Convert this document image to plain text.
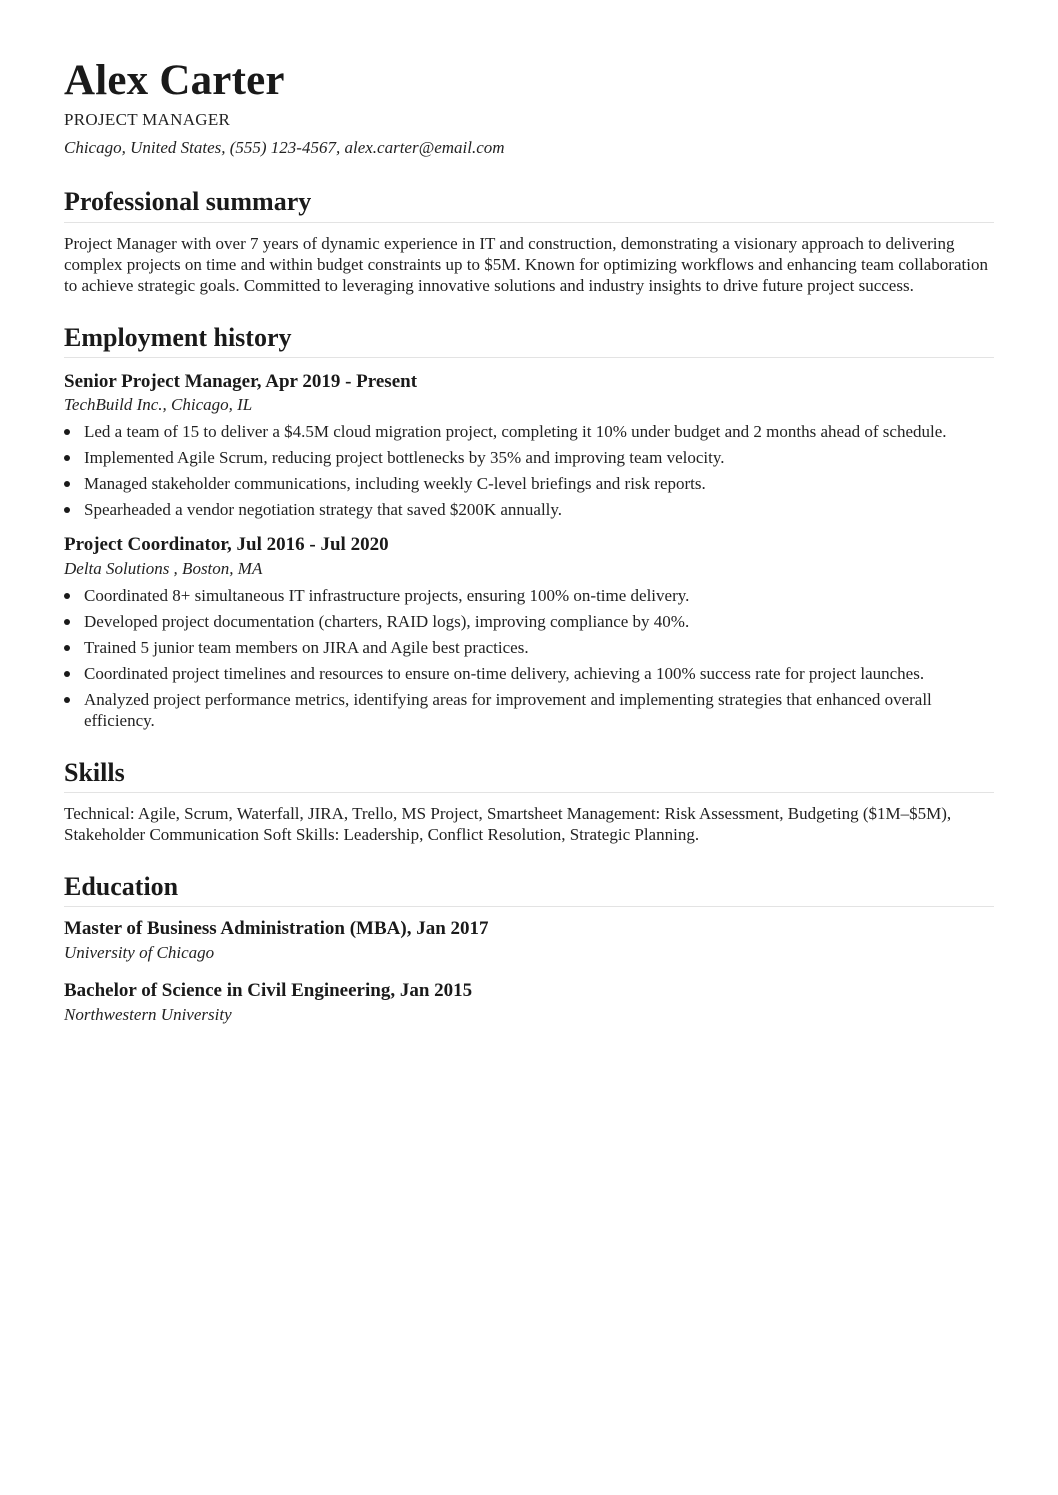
Alex Carter
PROJECT MANAGER
Chicago, United States, (555) 123-4567, alex.carter@email.com
Professional summary
Project Manager with over 7 years of dynamic experience in IT and construction, demonstrating a visionary approach to delivering complex projects on time and within budget constraints up to $5M. Known for optimizing workflows and enhancing team collaboration to achieve strategic goals. Committed to leveraging innovative solutions and industry insights to drive future project success.
Employment history
Senior Project Manager, Apr 2019 - Present
TechBuild Inc., Chicago, IL
Led a team of 15 to deliver a $4.5M cloud migration project, completing it 10% under budget and 2 months ahead of schedule.
Implemented Agile Scrum, reducing project bottlenecks by 35% and improving team velocity.
Managed stakeholder communications, including weekly C-level briefings and risk reports.
Spearheaded a vendor negotiation strategy that saved $200K annually.
Project Coordinator, Jul 2016 - Jul 2020
Delta Solutions , Boston, MA
Coordinated 8+ simultaneous IT infrastructure projects, ensuring 100% on-time delivery.
Developed project documentation (charters, RAID logs), improving compliance by 40%.
Trained 5 junior team members on JIRA and Agile best practices.
Coordinated project timelines and resources to ensure on-time delivery, achieving a 100% success rate for project launches.
Analyzed project performance metrics, identifying areas for improvement and implementing strategies that enhanced overall efficiency.
Skills
Technical: Agile, Scrum, Waterfall, JIRA, Trello, MS Project, Smartsheet Management: Risk Assessment, Budgeting ($1M–$5M), Stakeholder Communication Soft Skills: Leadership, Conflict Resolution, Strategic Planning.
Education
Master of Business Administration (MBA), Jan 2017
University of Chicago
Bachelor of Science in Civil Engineering, Jan 2015
Northwestern University
